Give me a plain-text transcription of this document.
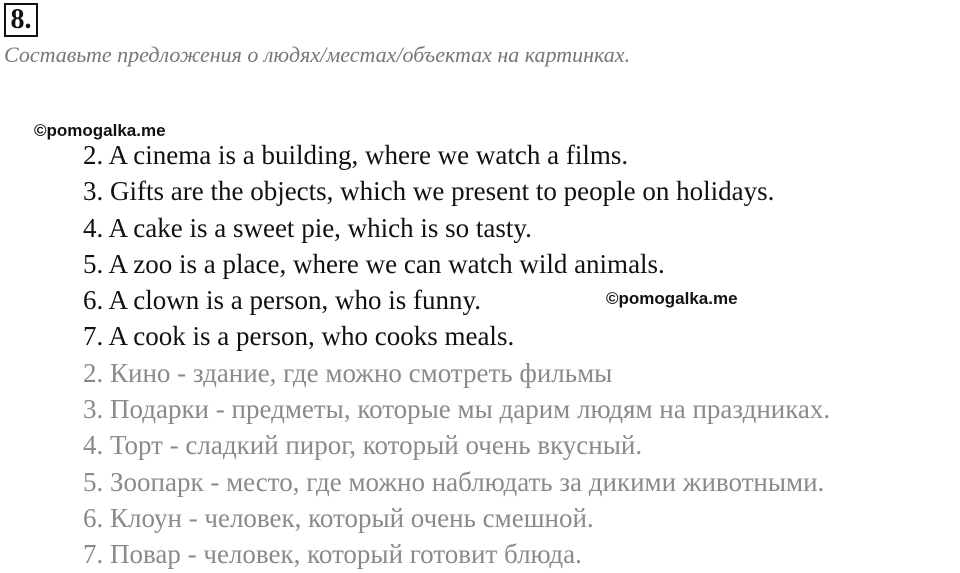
8.
Составьте предложения о людях/местах/объектах на картинках.
©pomogalka.me
©pomogalka.me
2. A cinema is a building, where we watch a films.
3. Gifts are the objects, which we present to people on holidays.
4. A cake is a sweet pie, which is so tasty.
5. A zoo is a place, where we can watch wild animals.
6. A clown is a person, who is funny.
7. A cook is a person, who cooks meals.
2. Кино - здание, где можно смотреть фильмы
3. Подарки - предметы, которые мы дарим людям на праздниках.
4. Торт - сладкий пирог, который очень вкусный.
5. Зоопарк - место, где можно наблюдать за дикими животными.
6. Клоун - человек, который очень смешной.
7. Повар - человек, который готовит блюда.
